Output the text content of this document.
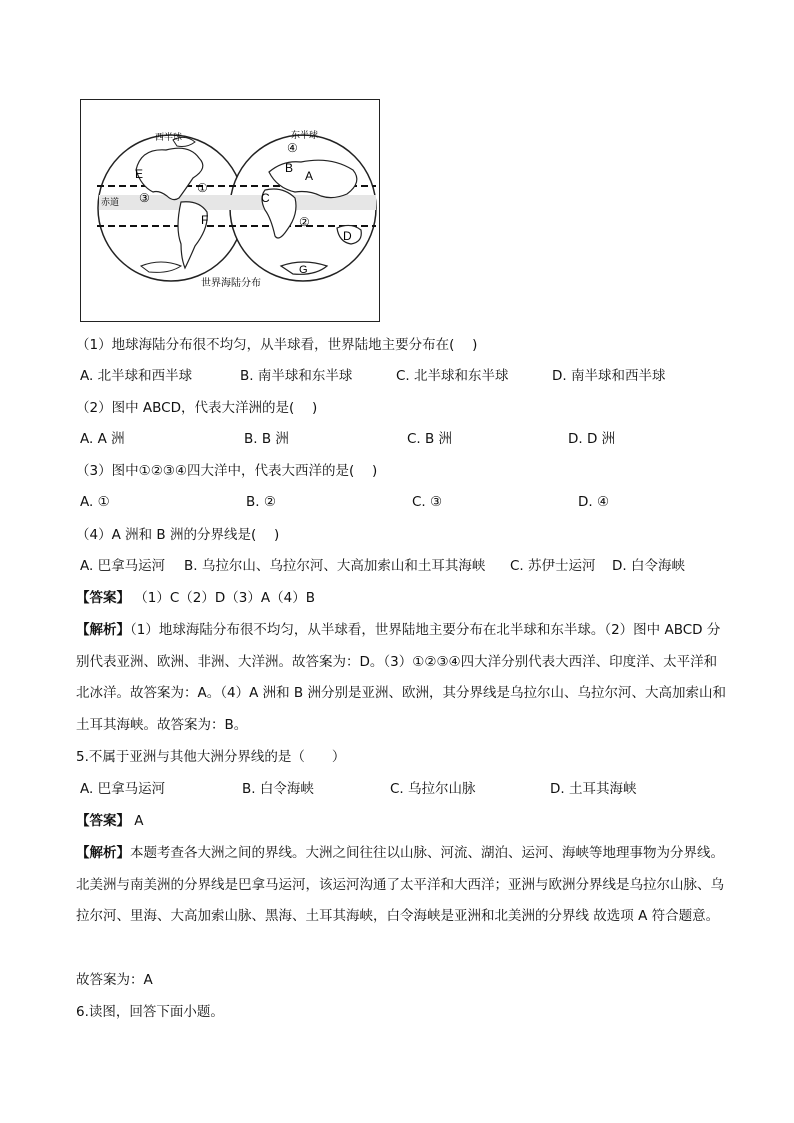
西半球	东半球
赤道
世界海陆分布
A
B
C
D
E
F
G
①
②
③
④
（1）地球海陆分布很不均匀，从半球看，世界陆地主要分布在(　 )
A. 北半球和西半球	B. 南半球和东半球	C. 北半球和东半球	D. 南半球和西半球
（2）图中 ABCD，代表大洋洲的是(　 )
A. A 洲	B. B 洲	C. B 洲	D. D 洲
（3）图中①②③④四大洋中，代表大西洋的是(　 )
A. ①	B. ②	C. ③	D. ④
（4）A 洲和 B 洲的分界线是(　 )
A. 巴拿马运河 B. 乌拉尔山、乌拉尔河、大高加索山和土耳其海峡 C. 苏伊士运河 D. 白令海峡
【答案】 （1）C（2）D（3）A（4）B
【解析】（1）地球海陆分布很不均匀，从半球看，世界陆地主要分布在北半球和东半球。（2）图中 ABCD 分别代表亚洲、欧洲、非洲、大洋洲。故答案为：D。（3）①②③④四大洋分别代表大西洋、印度洋、太平洋和北冰洋。故答案为：A。（4）A 洲和 B 洲分别是亚洲、欧洲，其分界线是乌拉尔山、乌拉尔河、大高加索山和土耳其海峡。故答案为：B。
5.不属于亚洲与其他大洲分界线的是（　　）
A. 巴拿马运河	B. 白令海峡	C. 乌拉尔山脉	D. 土耳其海峡
【答案】 A
【解析】本题考查各大洲之间的界线。大洲之间往往以山脉、河流、湖泊、运河、海峡等地理事物为分界线。北美洲与南美洲的分界线是巴拿马运河，该运河沟通了太平洋和大西洋；亚洲与欧洲分界线是乌拉尔山脉、乌拉尔河、里海、大高加索山脉、黑海、土耳其海峡，白令海峡是亚洲和北美洲的分界线 故选项 A 符合题意。
故答案为：A
6.读图，回答下面小题。
